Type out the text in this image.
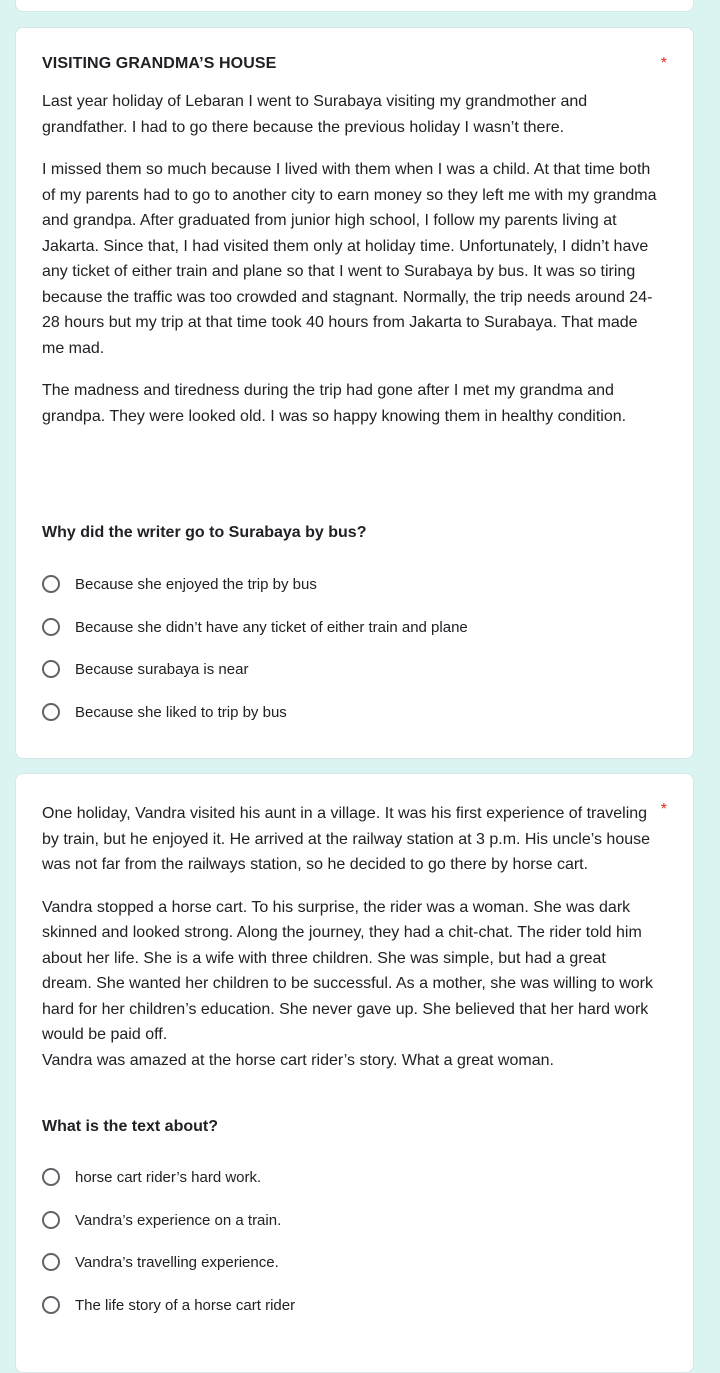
*
VISITING GRANDMA’S HOUSE

Last year holiday of Lebaran I went to Surabaya visiting my grandmother and grandfather. I had to go there because the previous holiday I wasn’t there.

I missed them so much because I lived with them when I was a child. At that time both of my parents had to go to another city to earn money so they left me with my grandma and grandpa. After graduated from junior high school, I follow my parents living at Jakarta. Since that, I had visited them only at holiday time. Unfortunately, I didn’t have any ticket of either train and plane so that I went to Surabaya by bus. It was so tiring because the traffic was too crowded and stagnant. Normally, the trip needs around 24-28 hours but my trip at that time took 40 hours from Jakarta to Surabaya. That made me mad.

The madness and tiredness during the trip had gone after I met my grandma and grandpa. They were looked old. I was so happy knowing them in healthy condition.

Why did the writer go to Surabaya by bus?
Because she enjoyed the trip by bus
Because she didn’t have any ticket of either train and plane
Because surabaya is near
Because she liked to trip by bus
*

One holiday, Vandra visited his aunt in a village. It was his first experience of traveling by train, but he enjoyed it. He arrived at the railway station at 3 p.m. His uncle’s house was not far from the railways station, so he decided to go there by horse cart.

Vandra stopped a horse cart. To his surprise, the rider was a woman. She was dark skinned and looked strong. Along the journey, they had a chit-chat. The rider told him about her life. She is a wife with three children. She was simple, but had a great dream. She wanted her children to be successful. As a mother, she was willing to work hard for her children’s education. She never gave up. She believed that her hard work would be paid off.

Vandra was amazed at the horse cart rider’s story. What a great woman.

What is the text about?
horse cart rider’s hard work.
Vandra’s experience on a train.
Vandra’s travelling experience.
The life story of a horse cart rider
